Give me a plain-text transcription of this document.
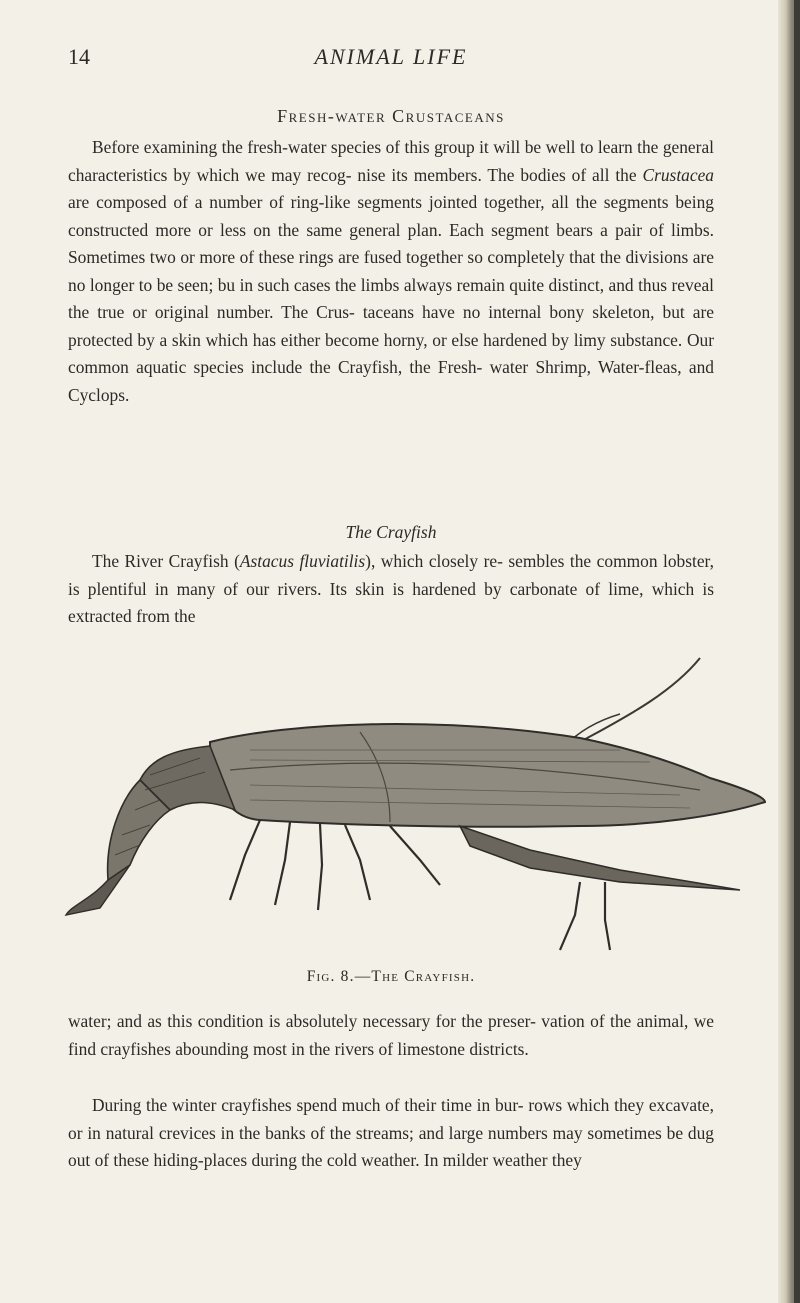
14	ANIMAL LIFE
Fresh-water Crustaceans

Before examining the fresh-water species of this group it will be well to learn the general characteristics by which we may recog- nise its members. The bodies of all the Crustacea are composed of a number of ring-like segments jointed together, all the segments being constructed more or less on the same general plan. Each segment bears a pair of limbs. Sometimes two or more of these rings are fused together so completely that the divisions are no longer to be seen; bu in such cases the limbs always remain quite distinct, and thus reveal the true or original number. The Crus- taceans have no internal bony skeleton, but are protected by a skin which has either become horny, or else hardened by limy substance. Our common aquatic species include the Crayfish, the Fresh- water Shrimp, Water-fleas, and Cyclops.

The Crayfish

The River Crayfish (Astacus fluviatilis), which closely re- sembles the common lobster, is plentiful in many of our rivers. Its skin is hardened by carbonate of lime, which is extracted from the

Fig. 8.—The Crayfish.

water; and as this condition is absolutely necessary for the preser- vation of the animal, we find crayfishes abounding most in the rivers of limestone districts.

During the winter crayfishes spend much of their time in bur- rows which they excavate, or in natural crevices in the banks of the streams; and large numbers may sometimes be dug out of these hiding-places during the cold weather. In milder weather they
